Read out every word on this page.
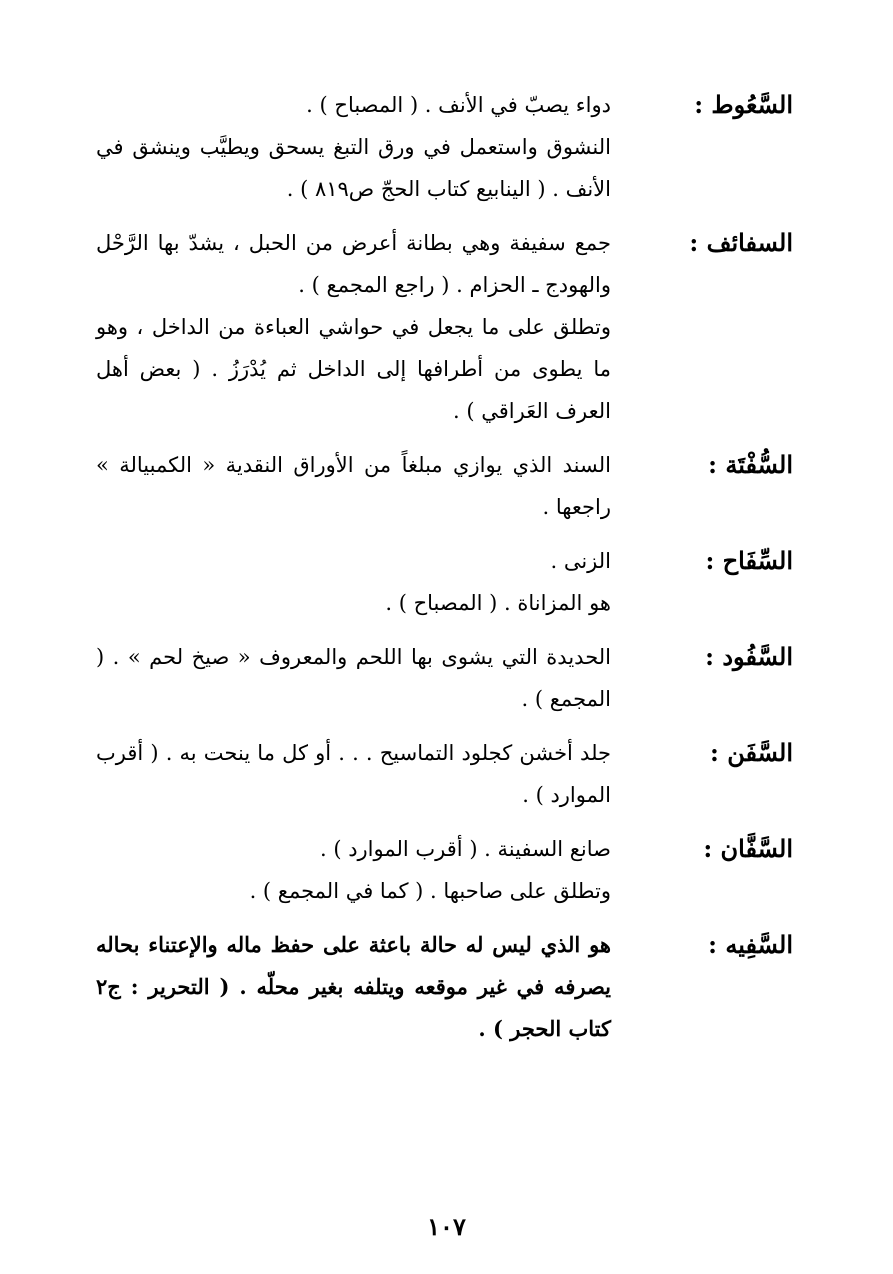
السَّعُوط :

دواء يصبّ في الأنف . ( المصباح ) .

النشوق واستعمل في ورق التبغ يسحق ويطيَّب وينشق في الأنف . ( الينابيع كتاب الحجّ ص٨١٩ ) .

السفائف :

جمع سفيفة وهي بطانة أعرض من الحبل ، يشدّ بها الرَّحْل والهودج ـ الحزام . ( راجع المجمع ) .

وتطلق على ما يجعل في حواشي العباءة من الداخل ، وهو ما يطوى من أطرافها إلى الداخل ثم يُدْرَزُ . ( بعض أهل العرف العَراقي ) .

السُّفْتَة :

السند الذي يوازي مبلغاً من الأوراق النقدية « الكمبيالة » راجعها .

السِّفَاح :

الزنى .

هو المزاناة . ( المصباح ) .

السَّفُود :

الحديدة التي يشوى بها اللحم والمعروف « صيخ لحم » . ( المجمع ) .

السَّفَن :

جلد أخشن كجلود التماسيح . . . أو كل ما ينحت به . ( أقرب الموارد ) .

السَّفَّان :

صانع السفينة . ( أقرب الموارد ) .

وتطلق على صاحبها . ( كما في المجمع ) .

السَّفِيه :

هو الذي ليس له حالة باعثة على حفظ ماله والإعتناء بحاله يصرفه في غير موقعه ويتلفه بغير محلّه . ( التحرير : ج٢ كتاب الحجر ) .

١٠٧
